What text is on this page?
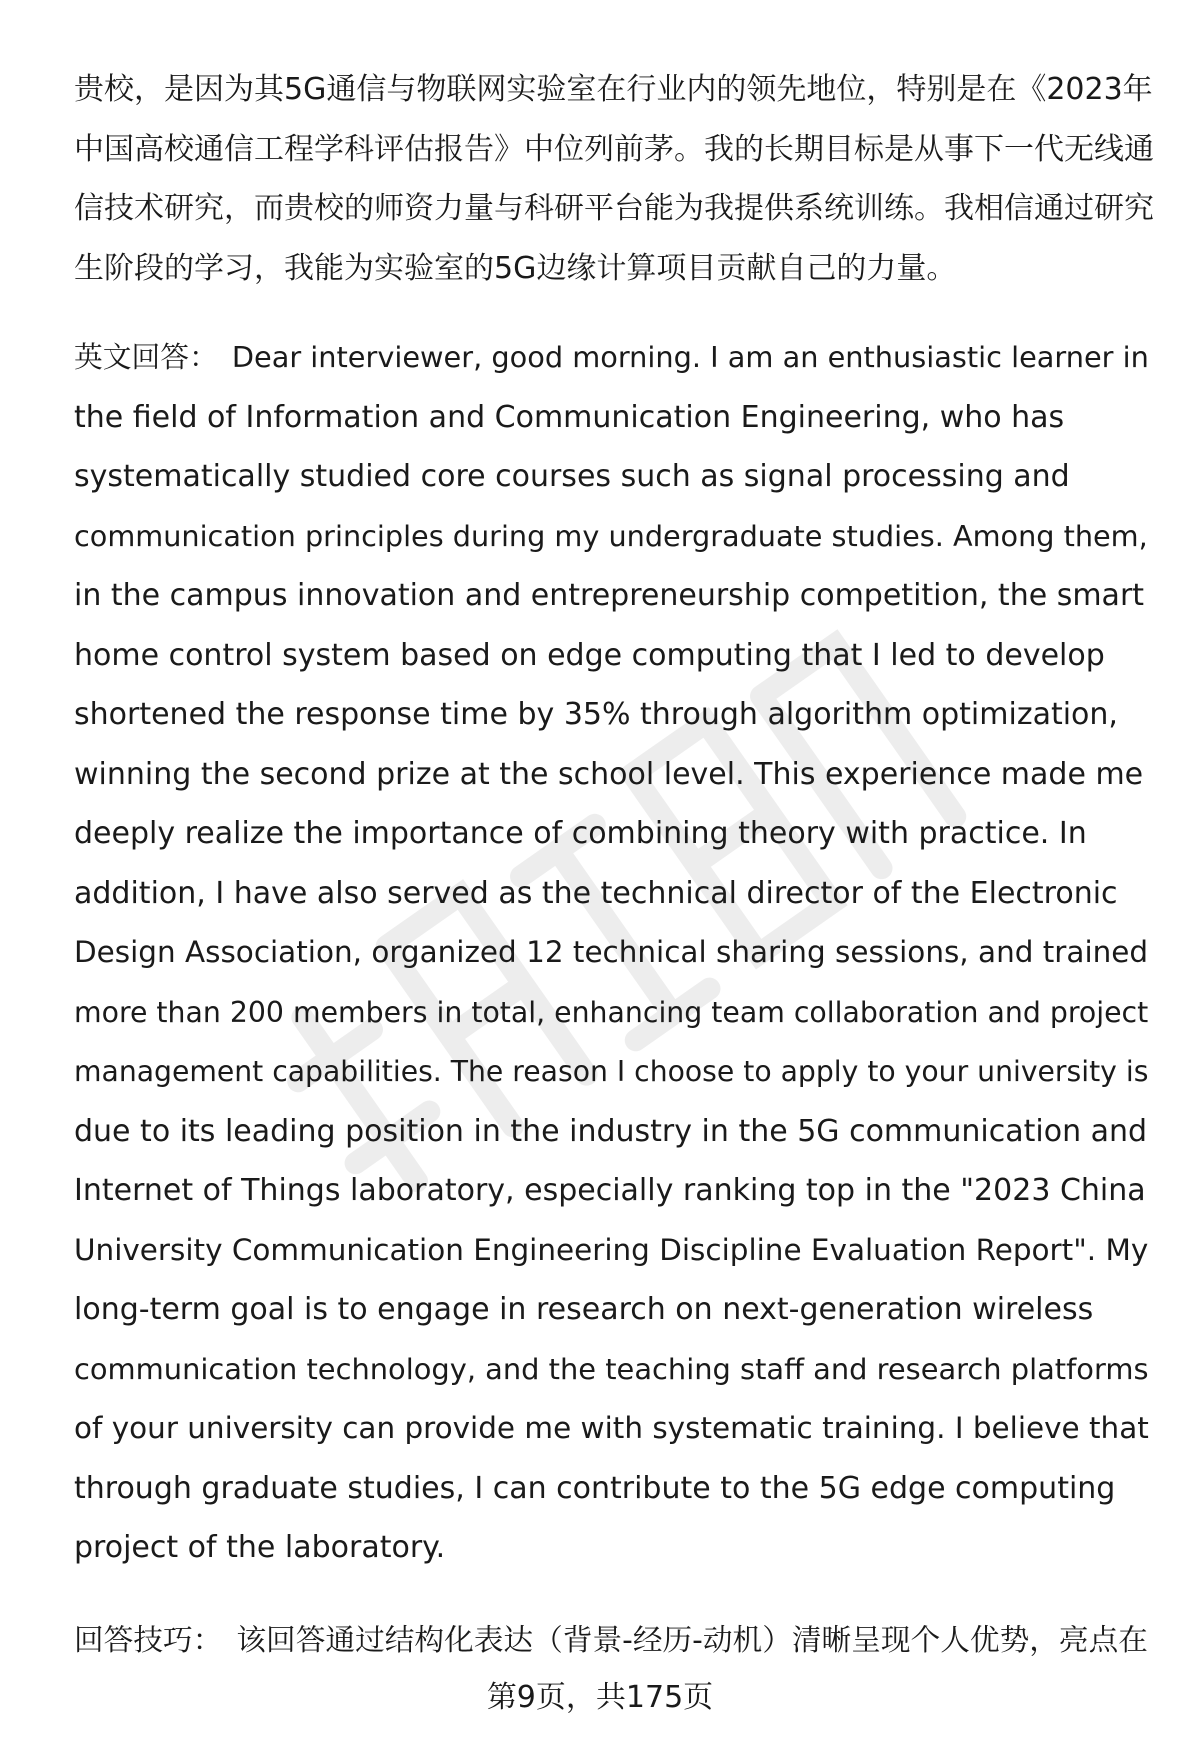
贵校，是因为其5G通信与物联网实验室在行业内的领先地位，特别是在《2023年
中国高校通信工程学科评估报告》中位列前茅。我的长期目标是从事下一代无线通
信技术研究，而贵校的师资力量与科研平台能为我提供系统训练。我相信通过研究
生阶段的学习，我能为实验室的5G边缘计算项目贡献自己的力量。

英文回答： Dear interviewer, good morning. I am an enthusiastic learner in
the field of Information and Communication Engineering, who has
systematically studied core courses such as signal processing and
communication principles during my undergraduate studies. Among them,
in the campus innovation and entrepreneurship competition, the smart
home control system based on edge computing that I led to develop
shortened the response time by 35% through algorithm optimization,
winning the second prize at the school level. This experience made me
deeply realize the importance of combining theory with practice. In
addition, I have also served as the technical director of the Electronic
Design Association, organized 12 technical sharing sessions, and trained
more than 200 members in total, enhancing team collaboration and project
management capabilities. The reason I choose to apply to your university is
due to its leading position in the industry in the 5G communication and
Internet of Things laboratory, especially ranking top in the "2023 China
University Communication Engineering Discipline Evaluation Report". My
long-term goal is to engage in research on next-generation wireless
communication technology, and the teaching staff and research platforms
of your university can provide me with systematic training. I believe that
through graduate studies, I can contribute to the 5G edge computing
project of the laboratory.

回答技巧： 该回答通过结构化表达（背景-经历-动机）清晰呈现个人优势，亮点在

第9页，共175页
